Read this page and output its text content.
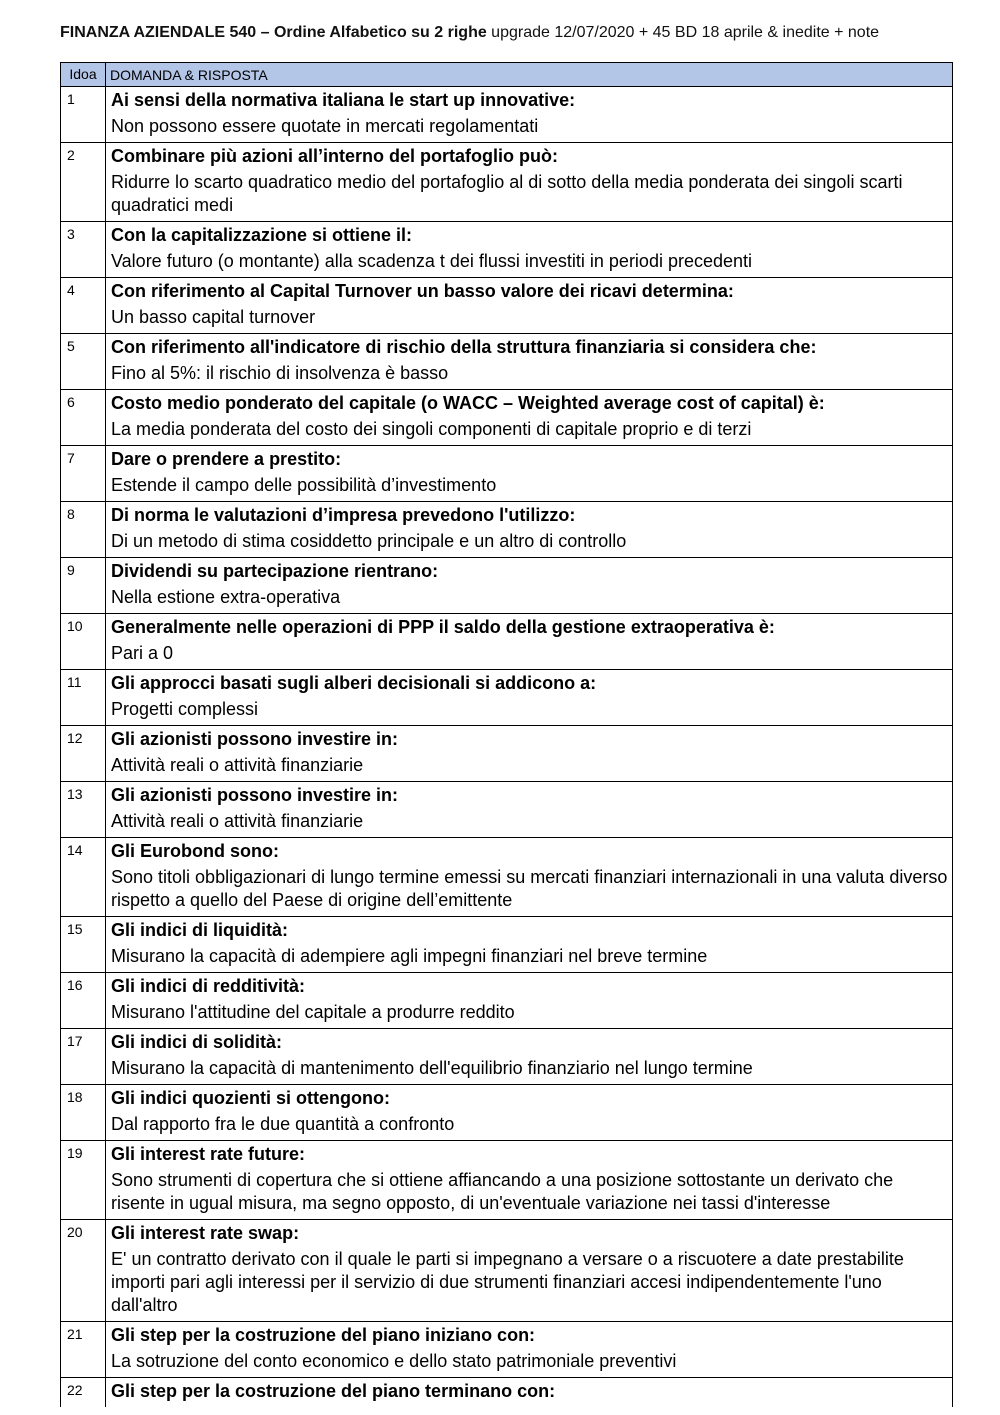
FINANZA AZIENDALE 540 – Ordine Alfabetico su 2 righe upgrade 12/07/2020 + 45 BD 18 aprile & inedite + note
Idoa	DOMANDA & RISPOSTA
1	Ai sensi della normativa italiana le start up innovative:
Non possono essere quotate in mercati regolamentati

2	Combinare più azioni all’interno del portafoglio può:
Ridurre lo scarto quadratico medio del portafoglio al di sotto della media ponderata dei singoli scarti quadratici medi

3	Con la capitalizzazione si ottiene il:
Valore futuro (o montante) alla scadenza t dei flussi investiti in periodi precedenti

4	Con riferimento al Capital Turnover un basso valore dei ricavi determina:
Un basso capital turnover

5	Con riferimento all'indicatore di rischio della struttura finanziaria si considera che:
Fino al 5%: il rischio di insolvenza è basso

6	Costo medio ponderato del capitale (o WACC – Weighted average cost of capital) è:
La media ponderata del costo dei singoli componenti di capitale proprio e di terzi

7	Dare o prendere a prestito:
Estende il campo delle possibilità d’investimento

8	Di norma le valutazioni d’impresa prevedono l'utilizzo:
Di un metodo di stima cosiddetto principale e un altro di controllo

9	Dividendi su partecipazione rientrano:
Nella estione extra-operativa

10	Generalmente nelle operazioni di PPP il saldo della gestione extraoperativa è:
Pari a 0

11	Gli approcci basati sugli alberi decisionali si addicono a:
Progetti complessi

12	Gli azionisti possono investire in:
Attività reali o attività finanziarie

13	Gli azionisti possono investire in:
Attività reali o attività finanziarie

14	Gli Eurobond sono:
Sono titoli obbligazionari di lungo termine emessi su mercati finanziari internazionali in una valuta diverso rispetto a quello del Paese di origine dell’emittente

15	Gli indici di liquidità:
Misurano la capacità di adempiere agli impegni finanziari nel breve termine

16	Gli indici di redditività:
Misurano l'attitudine del capitale a produrre reddito

17	Gli indici di solidità:
Misurano la capacità di mantenimento dell'equilibrio finanziario nel lungo termine

18	Gli indici quozienti si ottengono:
Dal rapporto fra le due quantità a confronto

19	Gli interest rate future:
Sono strumenti di copertura che si ottiene affiancando a una posizione sottostante un derivato che risente in ugual misura, ma segno opposto, di un'eventuale variazione nei tassi d'interesse

20	Gli interest rate swap:
E' un contratto derivato con il quale le parti si impegnano a versare o a riscuotere a date prestabilite importi pari agli interessi per il servizio di due strumenti finanziari accesi indipendentemente l'uno dall'altro

21	Gli step per la costruzione del piano iniziano con:
La sotruzione del conto economico e dello stato patrimoniale preventivi

22	Gli step per la costruzione del piano terminano con:
